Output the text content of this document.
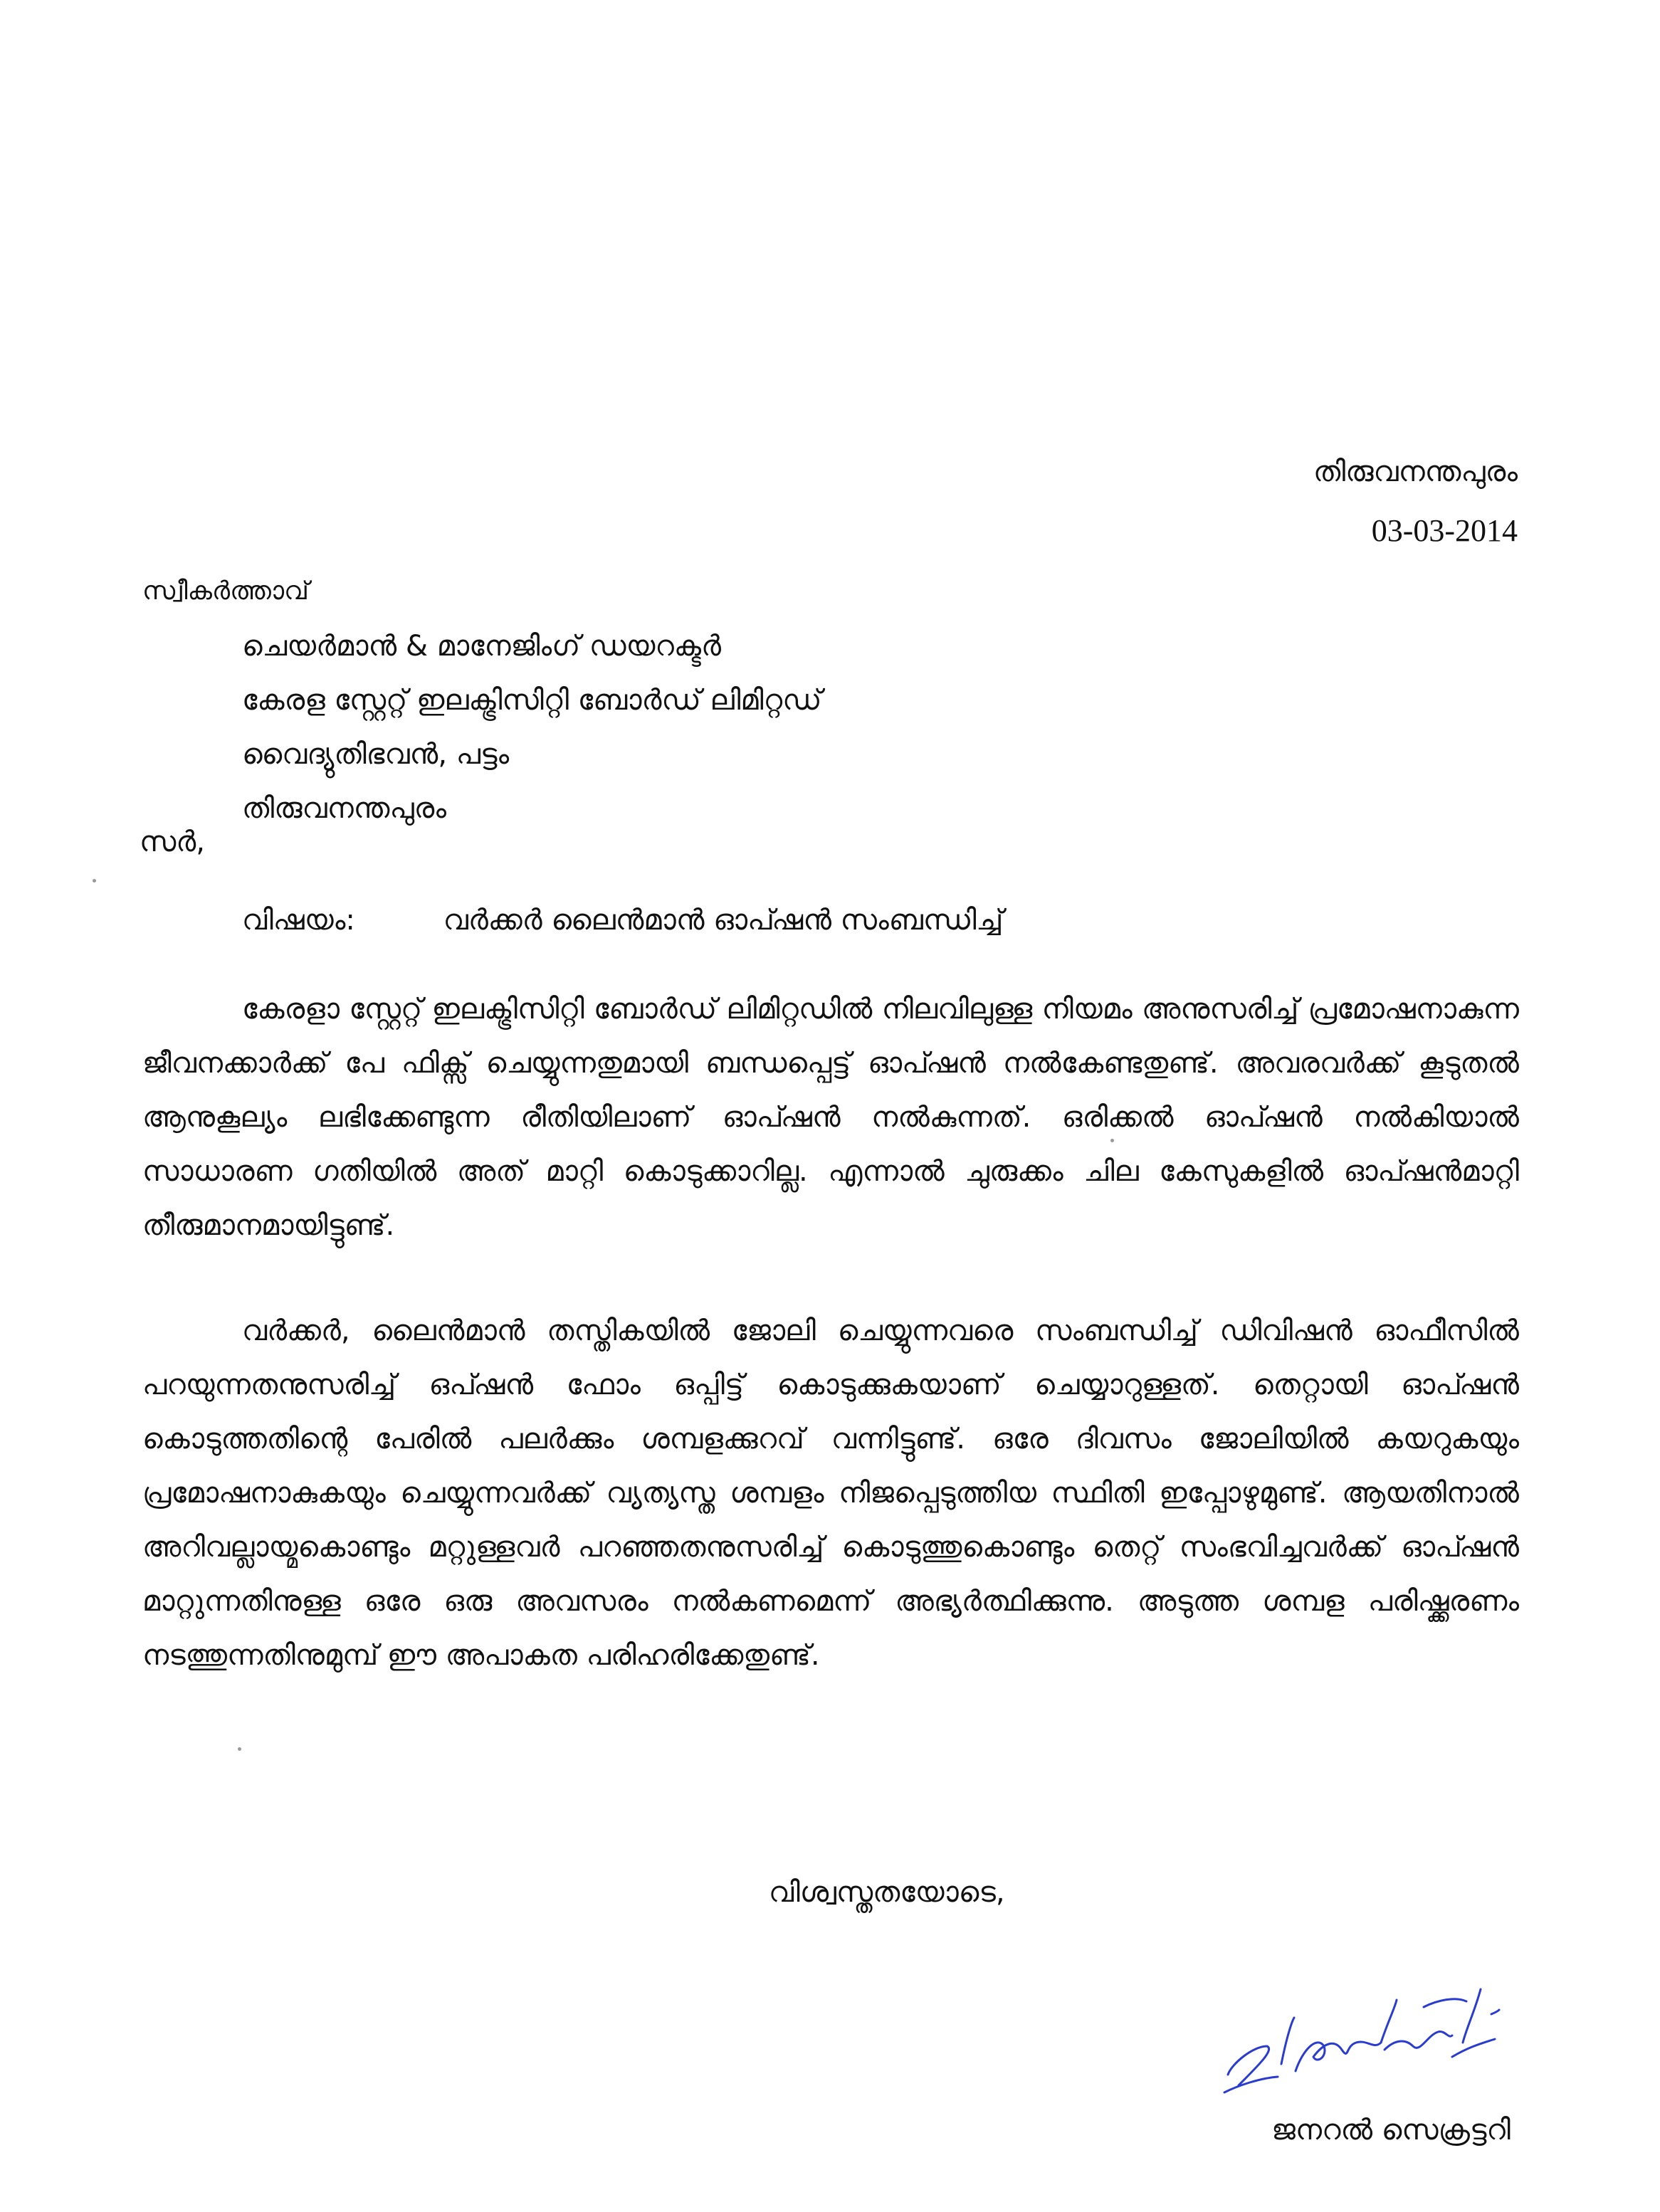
തിരുവനന്തപുരം
03-03-2014
സ്വീകർത്താവ്
ചെയർമാൻ & മാനേജിംഗ് ഡയറക്ടർ
കേരള സ്റ്റേറ്റ് ഇലക്ട്രിസിറ്റി ബോർഡ് ലിമിറ്റഡ്
വൈദ്യുതിഭവൻ, പട്ടം
തിരുവനന്തപുരം
സർ,
വിഷയം:	വർക്കർ ലൈൻമാൻ ഓപ്ഷൻ സംബന്ധിച്ച്
കേരളാ സ്റ്റേറ്റ് ഇലക്ട്രിസിറ്റി ബോർഡ് ലിമിറ്റഡിൽ നിലവിലുള്ള നിയമം അനുസരിച്ച് പ്രമോഷനാകുന്ന ജീവനക്കാർക്ക് പേ ഫിക്സ് ചെയ്യുന്നതുമായി ബന്ധപ്പെട്ട് ഓപ്ഷൻ നൽകേണ്ടതുണ്ട്. അവരവർക്ക് കൂടുതൽ ആനുകൂല്യം ലഭിക്കേണ്ടുന്ന രീതിയിലാണ് ഓപ്ഷൻ നൽകുന്നത്. ഒരിക്കൽ ഓപ്ഷൻ നൽകിയാൽ സാധാരണ ഗതിയിൽ അത് മാറ്റി കൊടുക്കാറില്ല. എന്നാൽ ചുരുക്കം ചില കേസുകളിൽ ഓപ്ഷൻമാറ്റി തീരുമാനമായിട്ടുണ്ട്.
വർക്കർ, ലൈൻമാൻ തസ്തികയിൽ ജോലി ചെയ്യുന്നവരെ സംബന്ധിച്ച് ഡിവിഷൻ ഓഫീസിൽ പറയുന്നതനുസരിച്ച് ഒപ്ഷൻ ഫോം ഒപ്പിട്ട് കൊടുക്കുകയാണ് ചെയ്യാറുള്ളത്. തെറ്റായി ഓപ്ഷൻ കൊടുത്തതിന്റെ പേരിൽ പലർക്കും ശമ്പളക്കുറവ് വന്നിട്ടുണ്ട്. ഒരേ ദിവസം ജോലിയിൽ കയറുകയും പ്രമോഷനാകുകയും ചെയ്യുന്നവർക്ക് വ്യത്യസ്ത ശമ്പളം നിജപ്പെടുത്തിയ സ്ഥിതി ഇപ്പോഴുമുണ്ട്. ആയതിനാൽ അറിവല്ലായ്മകൊണ്ടും മറ്റുള്ളവർ പറഞ്ഞതനുസരിച്ച് കൊടുത്തുകൊണ്ടും തെറ്റ് സംഭവിച്ചവർക്ക് ഓപ്ഷൻ മാറ്റുന്നതിനുള്ള ഒരേ ഒരു അവസരം നൽകണമെന്ന് അഭ്യർത്ഥിക്കുന്നു. അടുത്ത ശമ്പള പരിഷ്ക്കരണം നടത്തുന്നതിനുമുമ്പ് ഈ അപാകത പരിഹരിക്കേതുണ്ട്.
വിശ്വസ്തതയോടെ,
ജനറൽ സെക്രട്ടറി
